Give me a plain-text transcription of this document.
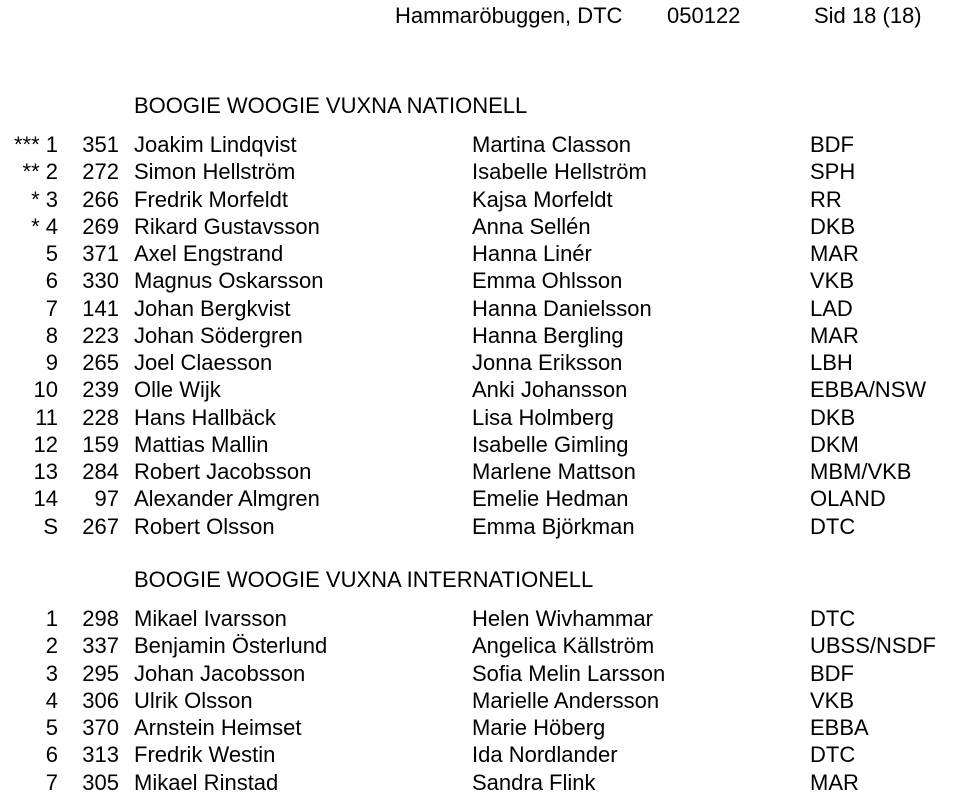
Hammaröbuggen, DTC 050122	Sid 18 (18)
BOOGIE WOOGIE VUXNA NATIONELL
*** 1 351 Joakim Lindqvist	Martina Classon	BDF
** 2 272 Simon Hellström	Isabelle Hellström	SPH
* 3 266 Fredrik Morfeldt	Kajsa Morfeldt	RR
* 4 269 Rikard Gustavsson	Anna Sellén	DKB
5 371 Axel Engstrand	Hanna Linér	MAR
6 330 Magnus Oskarsson	Emma Ohlsson	VKB
7 141 Johan Bergkvist	Hanna Danielsson	LAD
8 223 Johan Södergren	Hanna Bergling	MAR
9 265 Joel Claesson	Jonna Eriksson	LBH
10 239 Olle Wijk	Anki Johansson	EBBA/NSW
11 228 Hans Hallbäck	Lisa Holmberg	DKB
12 159 Mattias Mallin	Isabelle Gimling	DKM
13 284 Robert Jacobsson	Marlene Mattson	MBM/VKB
14 97 Alexander Almgren	Emelie Hedman	OLAND
S 267 Robert Olsson	Emma Björkman	DTC
BOOGIE WOOGIE VUXNA INTERNATIONELL
1 298 Mikael Ivarsson	Helen Wivhammar	DTC
2 337 Benjamin Österlund	Angelica Källström	UBSS/NSDF
3 295 Johan Jacobsson	Sofia Melin Larsson	BDF
4 306 Ulrik Olsson	Marielle Andersson	VKB
5 370 Arnstein Heimset	Marie Höberg	EBBA
6 313 Fredrik Westin	Ida Nordlander	DTC
7 305 Mikael Rinstad	Sandra Flink	MAR
